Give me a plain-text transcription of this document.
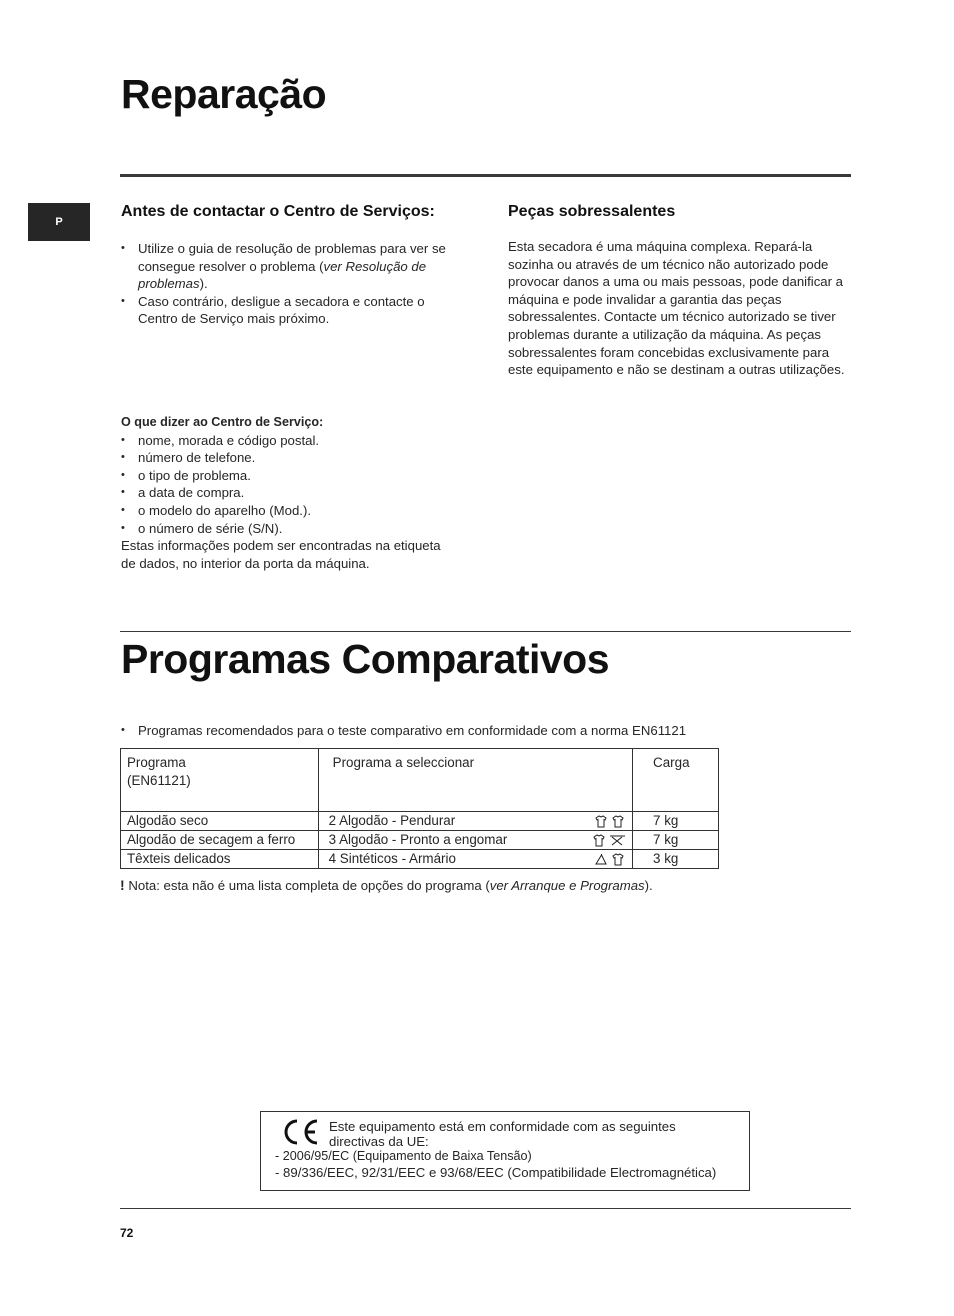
Reparação
P
Antes de contactar o Centro de Serviços:
• Utilize o guia de resolução de problemas para ver se consegue resolver o problema (ver Resolução de problemas).
• Caso contrário, desligue a secadora e contacte o Centro de Serviço mais próximo.
O que dizer ao Centro de Serviço:
• nome, morada e código postal.
• número de telefone.
• o tipo de problema.
• a data de compra.
• o modelo do aparelho (Mod.).
• o número de série (S/N).
Estas informações podem ser encontradas na etiqueta de dados, no interior da porta da máquina.
Peças sobressalentes

Esta secadora é uma máquina complexa. Repará-la sozinha ou através de um técnico não autorizado pode provocar danos a uma ou mais pessoas, pode danificar a máquina e pode invalidar a garantia das peças sobressalentes. Contacte um técnico autorizado se tiver problemas durante a utilização da máquina. As peças sobressalentes foram concebidas exclusivamente para este equipamento e não se destinam a outras utilizações.

Programas Comparativos
• Programas recomendados para o teste comparativo em conformidade com a norma EN61121
Programa
(EN61121)	Programa a seleccionar	Carga
Algodão seco	2 Algodão - Pendurar	7 kg
Algodão de secagem a ferro	3 Algodão - Pronto a engomar	7 kg
Têxteis delicados	4 Sintéticos - Armário	3 kg
! Nota: esta não é uma lista completa de opções do programa (ver Arranque e Programas).
Este equipamento está em conformidade com as seguintes
directivas da UE:
- 2006/95/EC (Equipamento de Baixa Tensão)
- 89/336/EEC, 92/31/EEC e 93/68/EEC (Compatibilidade Electromagnética)
72
